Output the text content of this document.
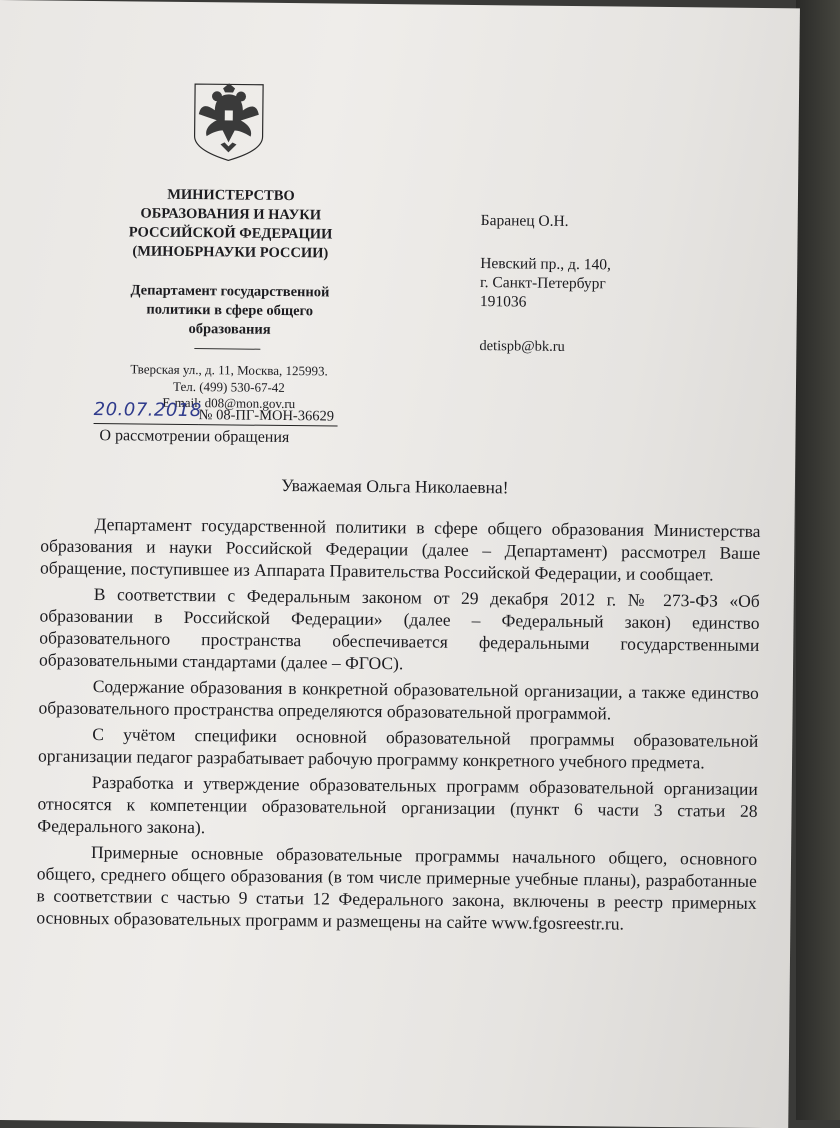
МИНИСТЕРСТВО
ОБРАЗОВАНИЯ И НАУКИ
РОССИЙСКОЙ ФЕДЕРАЦИИ
(МИНОБРНАУКИ РОССИИ)
Департамент государственной
политики в сфере общего
образования
Тверская ул., д. 11, Москва, 125993.
Тел. (499) 530-67-42
E-mail: d08@mon.gov.ru
20.07.2018
№ 08-ПГ-МОН-36629
О рассмотрении обращения
Баранец О.Н.
Невский пр., д. 140,
г. Санкт-Петербург
191036
detispb@bk.ru
Уважаемая Ольга Николаевна!

Департамент государственной политики в сфере общего образования Министерства образования и науки Российской Федерации (далее – Департамент) рассмотрел Ваше обращение, поступившее из Аппарата Правительства Российской Федерации, и сообщает.

В соответствии с Федеральным законом от 29 декабря 2012 г. № 273-ФЗ «Об образовании в Российской Федерации» (далее – Федеральный закон) единство образовательного пространства обеспечивается федеральными государственными образовательными стандартами (далее – ФГОС).

Содержание образования в конкретной образовательной организации, а также единство образовательного пространства определяются образовательной программой.

С учётом специфики основной образовательной программы образовательной организации педагог разрабатывает рабочую программу конкретного учебного предмета.

Разработка и утверждение образовательных программ образовательной организации относятся к компетенции образовательной организации (пункт 6 части 3 статьи 28 Федерального закона).

Примерные основные образовательные программы начального общего, основного общего, среднего общего образования (в том числе примерные учебные планы), разработанные в соответствии с частью 9 статьи 12 Федерального закона, включены в реестр примерных основных образовательных программ и размещены на сайте www.fgosreestr.ru.
